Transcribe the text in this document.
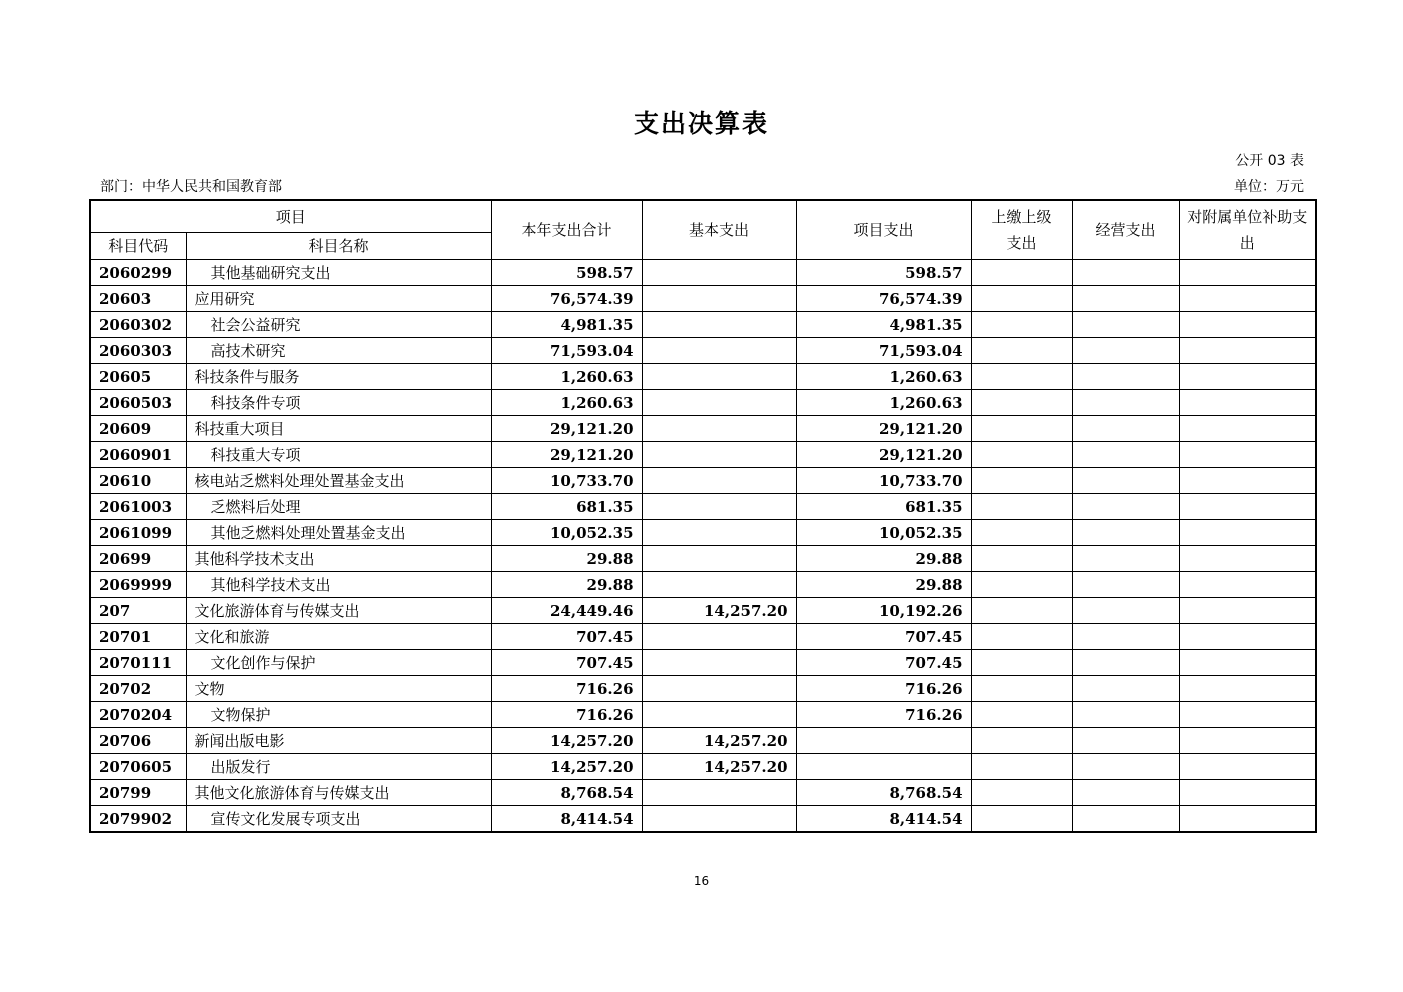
支出决算表
公开 03 表
部门：中华人民共和国教育部	单位：万元
项目		本年支出合计	基本支出	项目支出	上缴上级支出	经营支出	对附属单位补助支出
科目代码	科目名称						
2060299	其他基础研究支出	598.57		598.57			
20603	应用研究	76,574.39		76,574.39			
2060302	社会公益研究	4,981.35		4,981.35			
2060303	高技术研究	71,593.04		71,593.04			
20605	科技条件与服务	1,260.63		1,260.63			
2060503	科技条件专项	1,260.63		1,260.63			
20609	科技重大项目	29,121.20		29,121.20			
2060901	科技重大专项	29,121.20		29,121.20			
20610	核电站乏燃料处理处置基金支出	10,733.70		10,733.70			
2061003	乏燃料后处理	681.35		681.35			
2061099	其他乏燃料处理处置基金支出	10,052.35		10,052.35			
20699	其他科学技术支出	29.88		29.88			
2069999	其他科学技术支出	29.88		29.88			
207	文化旅游体育与传媒支出	24,449.46	14,257.20	10,192.26			
20701	文化和旅游	707.45		707.45			
2070111	文化创作与保护	707.45		707.45			
20702	文物	716.26		716.26			
2070204	文物保护	716.26		716.26			
20706	新闻出版电影	14,257.20	14,257.20				
2070605	出版发行	14,257.20	14,257.20				
20799	其他文化旅游体育与传媒支出	8,768.54		8,768.54			
2079902	宣传文化发展专项支出	8,414.54		8,414.54			
16
